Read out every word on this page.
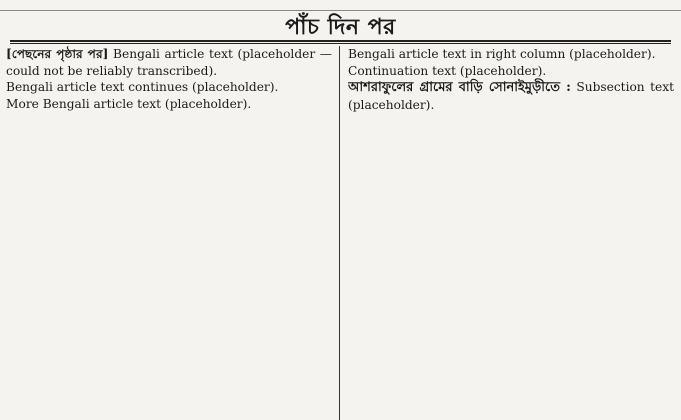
পাঁচ দিন পর

[পেছনের পৃষ্ঠার পর] Bengali article text (placeholder — could not be reliably transcribed).

Bengali article text continues (placeholder).

More Bengali article text (placeholder).

Bengali article text in right column (placeholder).

Continuation text (placeholder).

আশরাফুলের গ্রামের বাড়ি সোনাইমুড়ীতে : Subsection text (placeholder).
